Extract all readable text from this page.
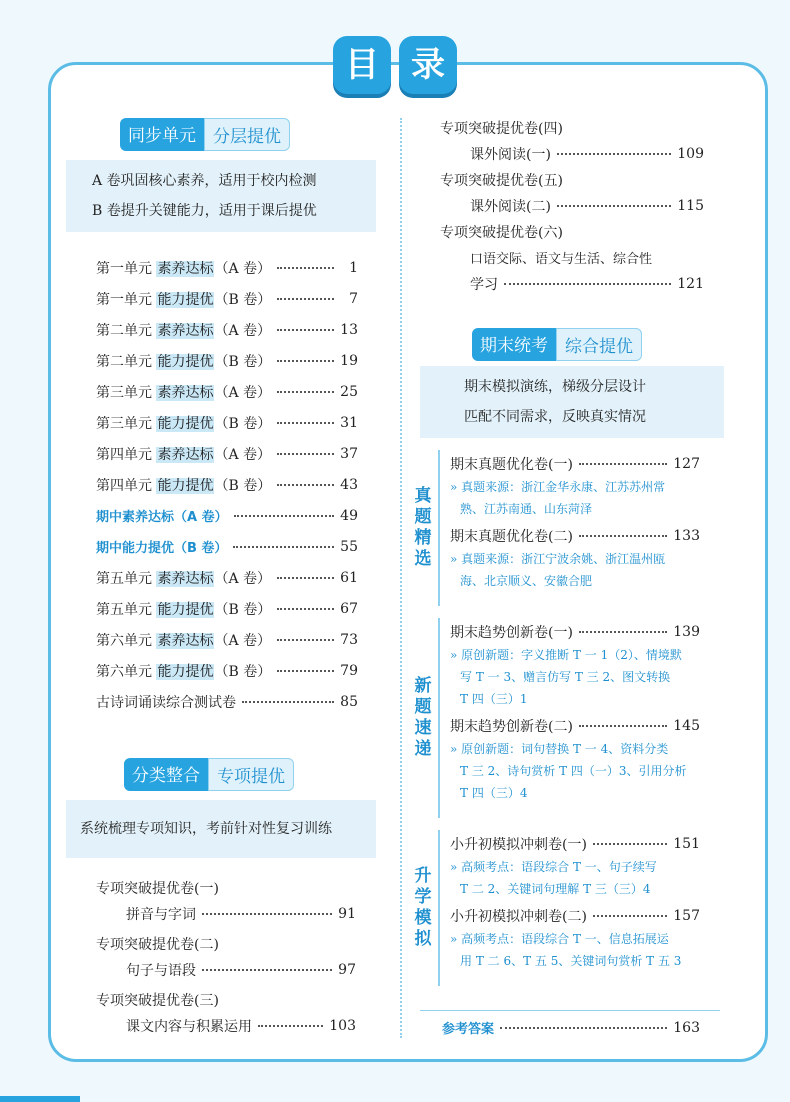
目 录
同步单元	分层提优
A 卷巩固核心素养，适用于校内检测
B 卷提升关键能力，适用于课后提优
第一单元 素养达标（A 卷）	1
第一单元 能力提优（B 卷）	7
第二单元 素养达标（A 卷）	13
第二单元 能力提优（B 卷）	19
第三单元 素养达标（A 卷）	25
第三单元 能力提优（B 卷）	31
第四单元 素养达标（A 卷）	37
第四单元 能力提优（B 卷）	43
期中素养达标（A 卷）	49
期中能力提优（B 卷）	55
第五单元 素养达标（A 卷）	61
第五单元 能力提优（B 卷）	67
第六单元 素养达标（A 卷）	73
第六单元 能力提优（B 卷）	79
古诗词诵读综合测试卷	85
分类整合	专项提优
系统梳理专项知识，考前针对性复习训练
专项突破提优卷(一)
拼音与字词	91
专项突破提优卷(二)
句子与语段	97
专项突破提优卷(三)
课文内容与积累运用	103
专项突破提优卷(四)
课外阅读(一)	109
专项突破提优卷(五)
课外阅读(二)	115
专项突破提优卷(六)
口语交际、语文与生活、综合性
学习	121
期末统考	综合提优
期末模拟演练，梯级分层设计
匹配不同需求，反映真实情况
真
题
精
选
期末真题优化卷(一)	127
» 真题来源：浙江金华永康、江苏苏州常
熟、江苏南通、山东菏泽
期末真题优化卷(二)	133
» 真题来源：浙江宁波余姚、浙江温州瓯
海、北京顺义、安徽合肥
新
题
速
递
期末趋势创新卷(一)	139
» 原创新题：字义推断 T 一 1（2）、情境默
写 T 一 3、赠言仿写 T 三 2、图文转换
T 四（三）1
期末趋势创新卷(二)	145
» 原创新题：词句替换 T 一 4、资料分类
T 三 2、诗句赏析 T 四（一）3、引用分析
T 四（三）4
升
学
模
拟
小升初模拟冲刺卷(一)	151
» 高频考点：语段综合 T 一、句子续写
T 二 2、关键词句理解 T 三（三）4
小升初模拟冲刺卷(二)	157
» 高频考点：语段综合 T 一、信息拓展运
用 T 二 6、T 五 5、关键词句赏析 T 五 3
参考答案	163
